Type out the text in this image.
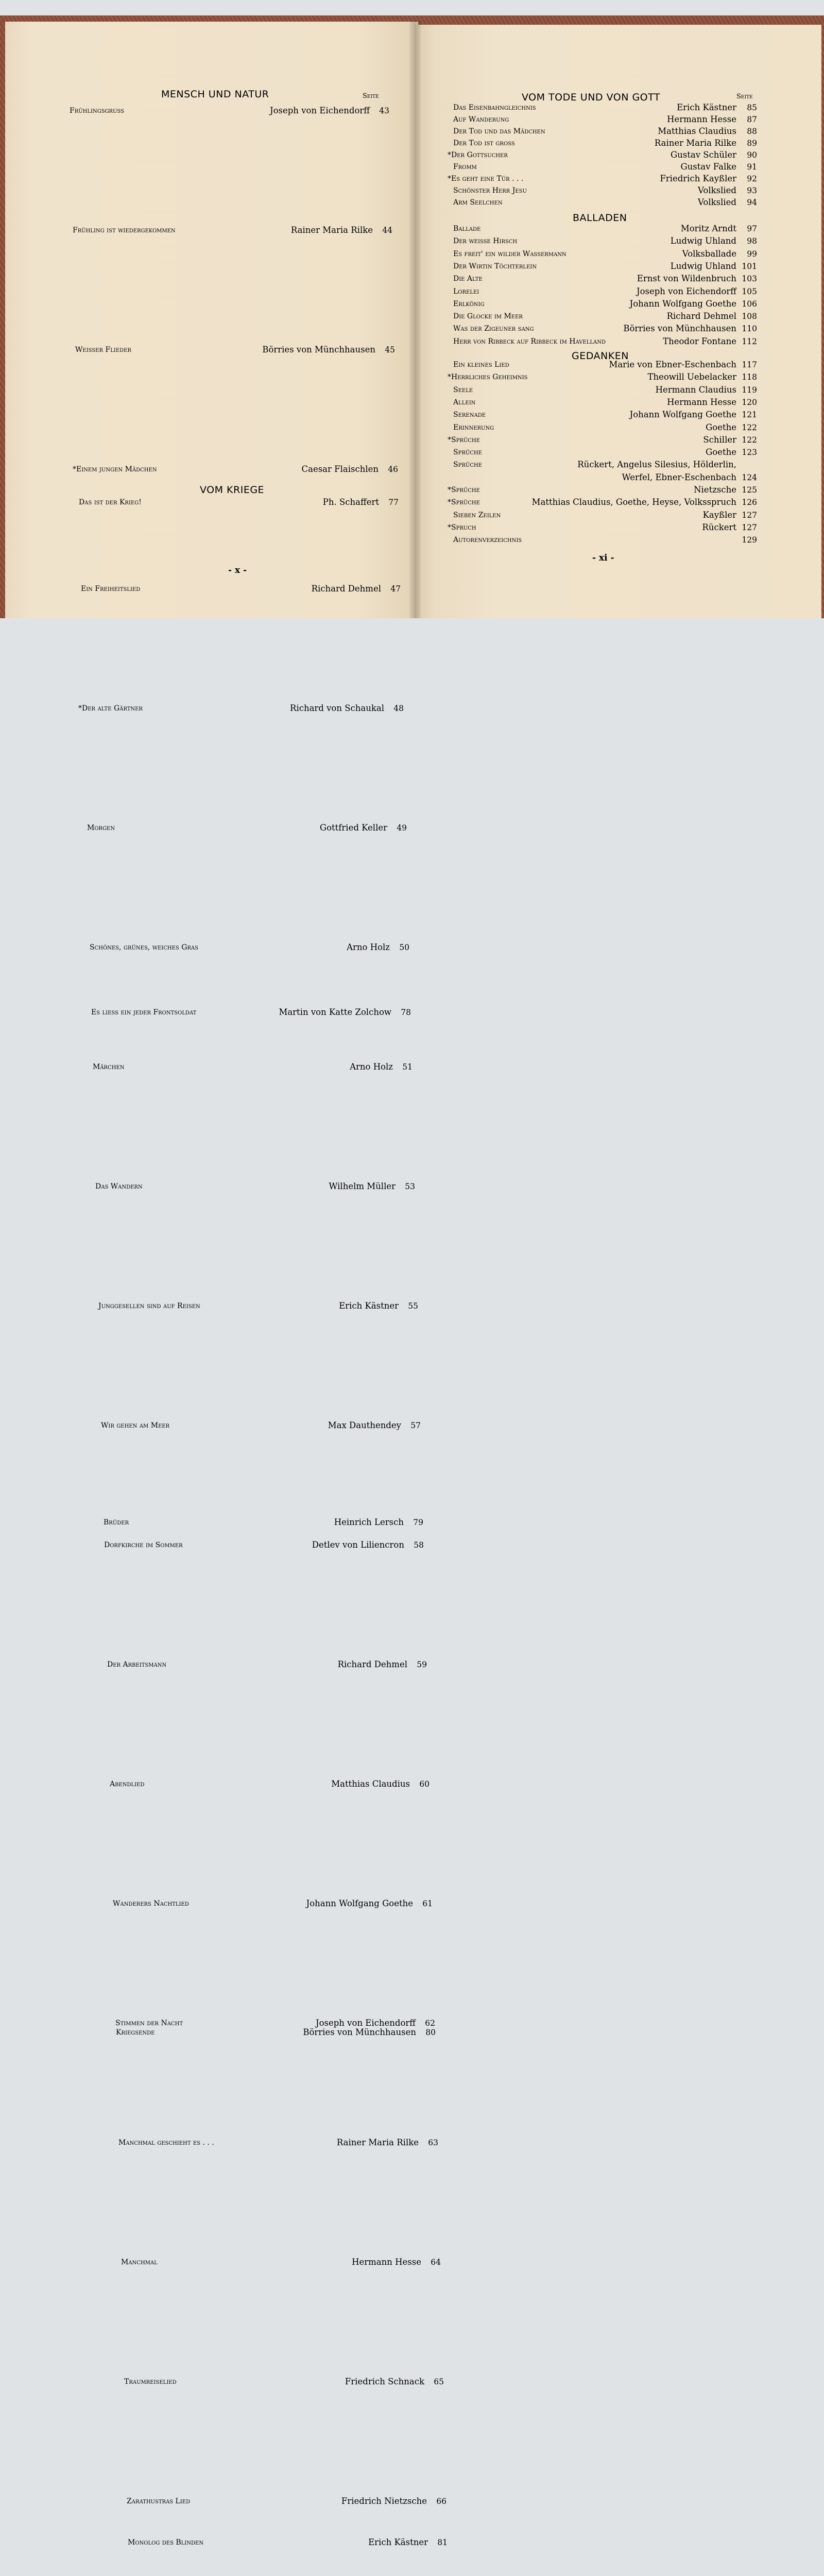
Seite
- x -
MENSCH UND NATUR
Frühlingsgruss	Joseph von Eichendorff 43
Frühling ist wiedergekommen	Rainer Maria Rilke 44
Weisser Flieder	Börries von Münchhausen 45
*Einem jungen Mädchen	Caesar Flaischlen 46
Ein Freiheitslied	Richard Dehmel 47
*Der alte Gärtner	Richard von Schaukal 48
Morgen	Gottfried Keller 49
Schönes, grünes, weiches Gras	Arno Holz 50
Märchen	Arno Holz 51
Das Wandern	Wilhelm Müller 53
Junggesellen sind auf Reisen	Erich Kästner 55
Wir gehen am Meer	Max Dauthendey 57
Dorfkirche im Sommer	Detlev von Liliencron 58
Der Arbeitsmann	Richard Dehmel 59
Abendlied	Matthias Claudius 60
Wanderers Nachtlied	Johann Wolfgang Goethe 61
Stimmen der Nacht	Joseph von Eichendorff 62
Manchmal geschieht es . . .	Rainer Maria Rilke 63
Manchmal	Hermann Hesse 64
Traumreiselied	Friedrich Schnack 65
Zarathustras Lied	Friedrich Nietzsche 66
VOM KRIEGE
Das ist der Krieg!	Ph. Schaffert 77
Es liess ein jeder Frontsoldat	Martin von Katte Zolchow 78
Brüder	Heinrich Lersch 79
Kriegsende	Börries von Münchhausen 80
Monolog des Blinden	Erich Kästner 81
Seite
- xi -
VOM TODE UND VON GOTT
Das Eisenbahngleichnis	Erich Kästner 85
Auf Wanderung	Hermann Hesse 87
Der Tod und das Mädchen	Matthias Claudius 88
Der Tod ist gross	Rainer Maria Rilke 89
*Der Gottsucher	Gustav Schüler 90
Fromm	Gustav Falke 91
*Es geht eine Tür . . .	Friedrich Kayßler 92
Schönster Herr Jesu	Volkslied 93
Arm Seelchen	Volkslied 94
BALLADEN
Ballade	Moritz Arndt 97
Der weisse Hirsch	Ludwig Uhland 98
Es freit' ein wilder Wassermann	Volksballade 99
Der Wirtin Töchterlein	Ludwig Uhland 101
Die Alte	Ernst von Wildenbruch 103
Lorelei	Joseph von Eichendorff 105
Erlkönig	Johann Wolfgang Goethe 106
Die Glocke im Meer	Richard Dehmel 108
Was der Zigeuner sang	Börries von Münchhausen 110
Herr von Ribbeck auf Ribbeck im Havelland	Theodor Fontane 112
GEDANKEN
Ein kleines Lied	Marie von Ebner-Eschenbach 117
*Herrliches Geheimnis	Theowill Uebelacker 118
Seele	Hermann Claudius 119
Allein	Hermann Hesse 120
Serenade	Johann Wolfgang Goethe 121
Erinnerung	Goethe 122
*Sprüche	Schiller 122
Sprüche	Goethe 123
Sprüche	Rückert, Angelus Silesius, Hölderlin,
Werfel, Ebner-Eschenbach 124
*Sprüche	Nietzsche 125
*Sprüche	Matthias Claudius, Goethe, Heyse, Volksspruch 126
Sieben Zeilen	Kayßler 127
*Spruch	Rückert 127
Autorenverzeichnis	129
